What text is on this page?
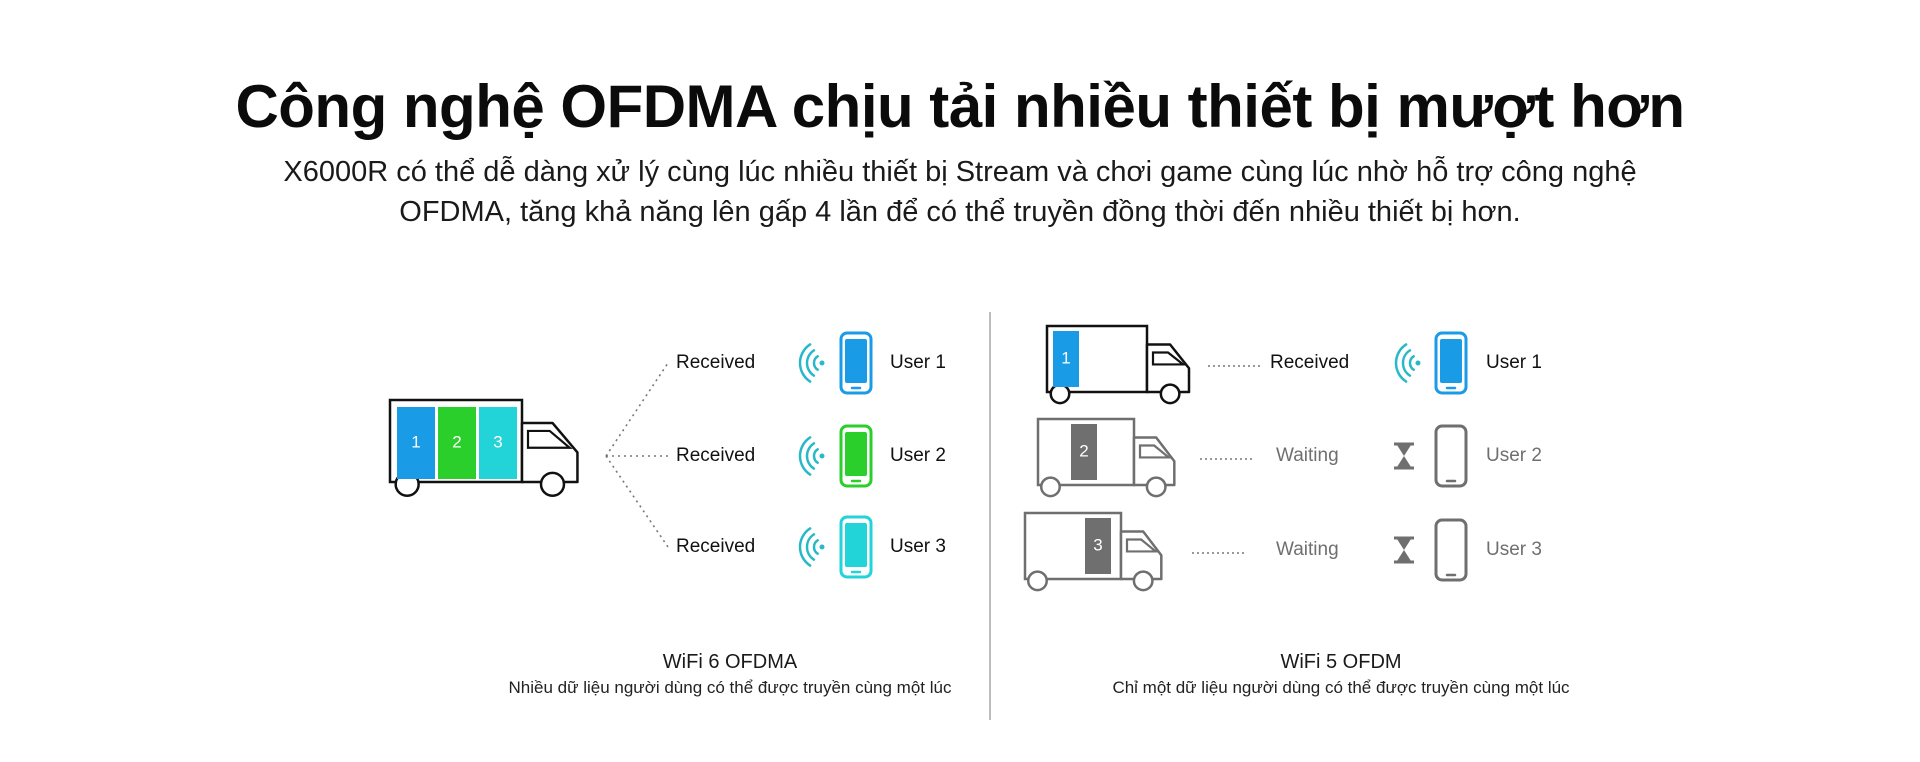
Công nghệ OFDMA chịu tải nhiều thiết bị mượt hơn

X6000R có thể dễ dàng xử lý cùng lúc nhiều thiết bị Stream và chơi game cùng lúc nhờ hỗ trợ công nghệ
OFDMA, tăng khả năng lên gấp 4 lần để có thể truyền đồng thời đến nhiều thiết bị hơn.

1 2 3
Received	User 1
Received	User 2
Received	User 3
1	Received	User 1
2	Waiting	User 2
3	Waiting	User 3
WiFi 6 OFDMA
Nhiều dữ liệu người dùng có thể được truyền cùng một lúc
WiFi 5 OFDM
Chỉ một dữ liệu người dùng có thể được truyền cùng một lúc
